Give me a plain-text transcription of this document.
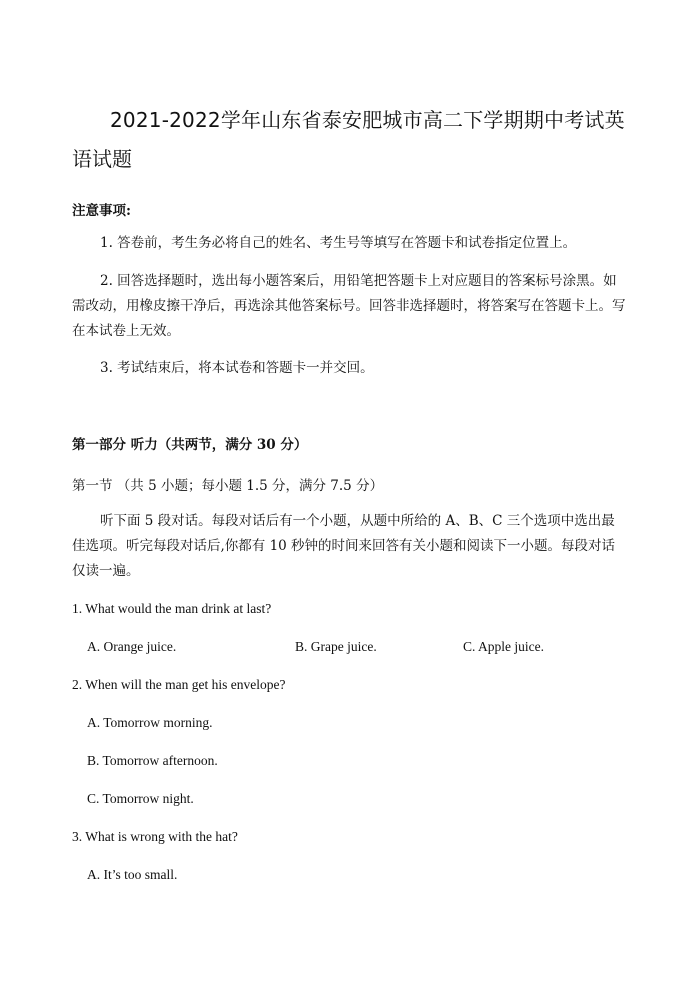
2021-2022学年山东省泰安肥城市高二下学期期中考试英
语试题
注意事项:
1. 答卷前，考生务必将自己的姓名、考生号等填写在答题卡和试卷指定位置上。
2. 回答选择题时，选出每小题答案后，用铅笔把答题卡上对应题目的答案标号涂黑。如需改动，用橡皮擦干净后，再选涂其他答案标号。回答非选择题时，将答案写在答题卡上。写在本试卷上无效。
3. 考试结束后，将本试卷和答题卡一并交回。
第一部分 听力（共两节，满分 30 分）
第一节 （共 5 小题；每小题 1.5 分，满分 7.5 分）
听下面 5 段对话。每段对话后有一个小题，从题中所给的 A、B、C 三个选项中选出最佳选项。听完每段对话后,你都有 10 秒钟的时间来回答有关小题和阅读下一小题。每段对话仅读一遍。
1. What would the man drink at last?
A. Orange juice.	B. Grape juice.	C. Apple juice.
2. When will the man get his envelope?
A. Tomorrow morning.
B. Tomorrow afternoon.
C. Tomorrow night.
3. What is wrong with the hat?
A. It’s too small.
